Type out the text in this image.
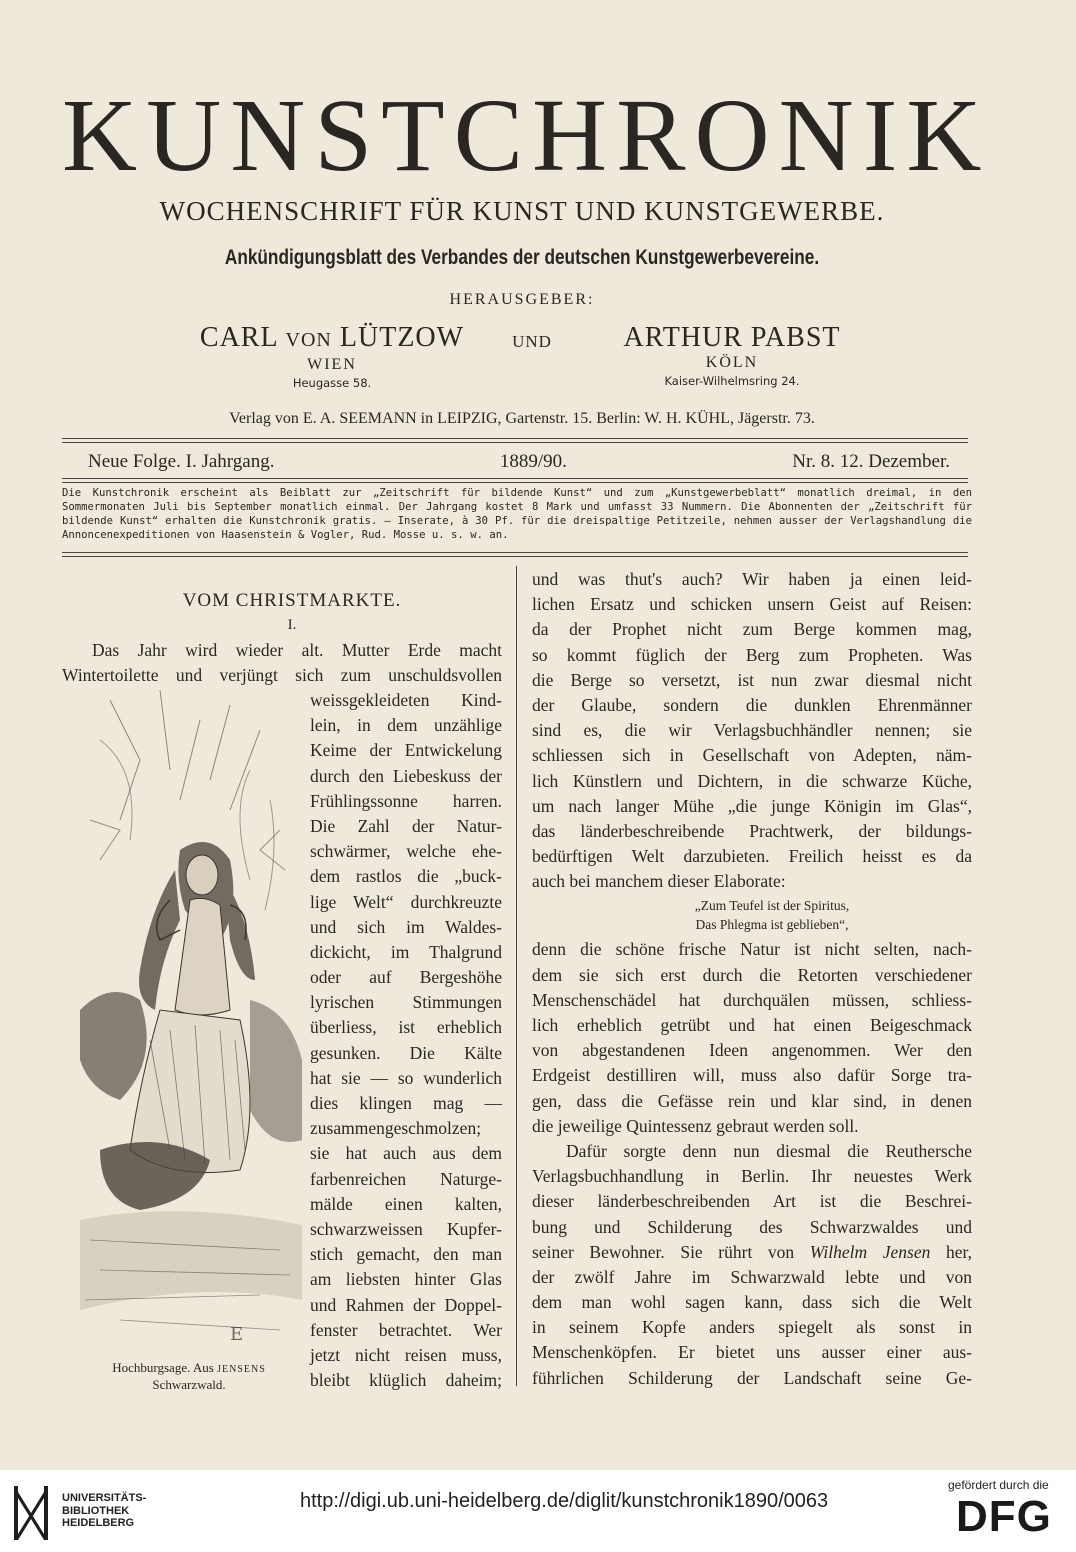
KUNSTCHRONIK
WOCHENSCHRIFT FÜR KUNST UND KUNSTGEWERBE.
Ankündigungsblatt des Verbandes der deutschen Kunstgewerbevereine.
HERAUSGEBER:
CARL VON LÜTZOW
WIEN
Heugasse 58.
UND	ARTHUR PABST
KÖLN
Kaiser-Wilhelmsring 24.
Verlag von E. A. SEEMANN in LEIPZIG, Gartenstr. 15. Berlin: W. H. KÜHL, Jägerstr. 73.
Neue Folge. I. Jahrgang.	1889/90.	Nr. 8. 12. Dezember.
Die Kunstchronik erscheint als Beiblatt zur „Zeitschrift für bildende Kunst“ und zum „Kunstgewerbeblatt“ monatlich dreimal, in den Sommermonaten Juli bis September monatlich einmal. Der Jahrgang kostet 8 Mark und umfasst 33 Nummern. Die Abonnenten der „Zeitschrift für bildende Kunst“ erhalten die Kunstchronik gratis. — Inserate, à 30 Pf. für die dreispaltige Petitzeile, nehmen ausser der Verlagshandlung die Annoncenexpeditionen von Haasenstein & Vogler, Rud. Mosse u. s. w. an.
VOM CHRISTMARKTE.
I.
Das Jahr wird wieder alt. Mutter Erde macht
Wintertoilette und verjüngt sich zum unschuldsvollen
E
Hochburgsage. Aus JENSENS
Schwarzwald.
weissgekleideten Kind-
lein, in dem unzählige
Keime der Entwickelung
durch den Liebeskuss der
Frühlingssonne harren.
Die Zahl der Natur-
schwärmer, welche ehe-
dem rastlos die „buck-
lige Welt“ durchkreuzte
und sich im Waldes-
dickicht, im Thalgrund
oder auf Bergeshöhe
lyrischen Stimmungen
überliess, ist erheblich
gesunken. Die Kälte
hat sie — so wunderlich
dies klingen mag —
zusammengeschmolzen;
sie hat auch aus dem
farbenreichen Naturge-
mälde einen kalten,
schwarzweissen Kupfer-
stich gemacht, den man
am liebsten hinter Glas
und Rahmen der Doppel-
fenster betrachtet. Wer
jetzt nicht reisen muss,
bleibt klüglich daheim;
und was thut's auch? Wir haben ja einen leid-
lichen Ersatz und schicken unsern Geist auf Reisen:
da der Prophet nicht zum Berge kommen mag,
so kommt füglich der Berg zum Propheten. Was
die Berge so versetzt, ist nun zwar diesmal nicht
der Glaube, sondern die dunklen Ehrenmänner
sind es, die wir Verlagsbuchhändler nennen; sie
schliessen sich in Gesellschaft von Adepten, näm-
lich Künstlern und Dichtern, in die schwarze Küche,
um nach langer Mühe „die junge Königin im Glas“,
das länderbeschreibende Prachtwerk, der bildungs-
bedürftigen Welt darzubieten. Freilich heisst es da
auch bei manchem dieser Elaborate:
„Zum Teufel ist der Spiritus,
Das Phlegma ist geblieben“,
denn die schöne frische Natur ist nicht selten, nach-
dem sie sich erst durch die Retorten verschiedener
Menschenschädel hat durchquälen müssen, schliess-
lich erheblich getrübt und hat einen Beigeschmack
von abgestandenen Ideen angenommen. Wer den
Erdgeist destilliren will, muss also dafür Sorge tra-
gen, dass die Gefässe rein und klar sind, in denen
die jeweilige Quintessenz gebraut werden soll.
Dafür sorgte denn nun diesmal die Reuthersche
Verlagsbuchhandlung in Berlin. Ihr neuestes Werk
dieser länderbeschreibenden Art ist die Beschrei-
bung und Schilderung des Schwarzwaldes und
seiner Bewohner. Sie rührt von Wilhelm Jensen her,
der zwölf Jahre im Schwarzwald lebte und von
dem man wohl sagen kann, dass sich die Welt
in seinem Kopfe anders spiegelt als sonst in
Menschenköpfen. Er bietet uns ausser einer aus-
führlichen Schilderung der Landschaft seine Ge-
UNIVERSITÄTS-
BIBLIOTHEK
HEIDELBERG
http://digi.ub.uni-heidelberg.de/diglit/kunstchronik1890/0063
gefördert durch die
DFG
